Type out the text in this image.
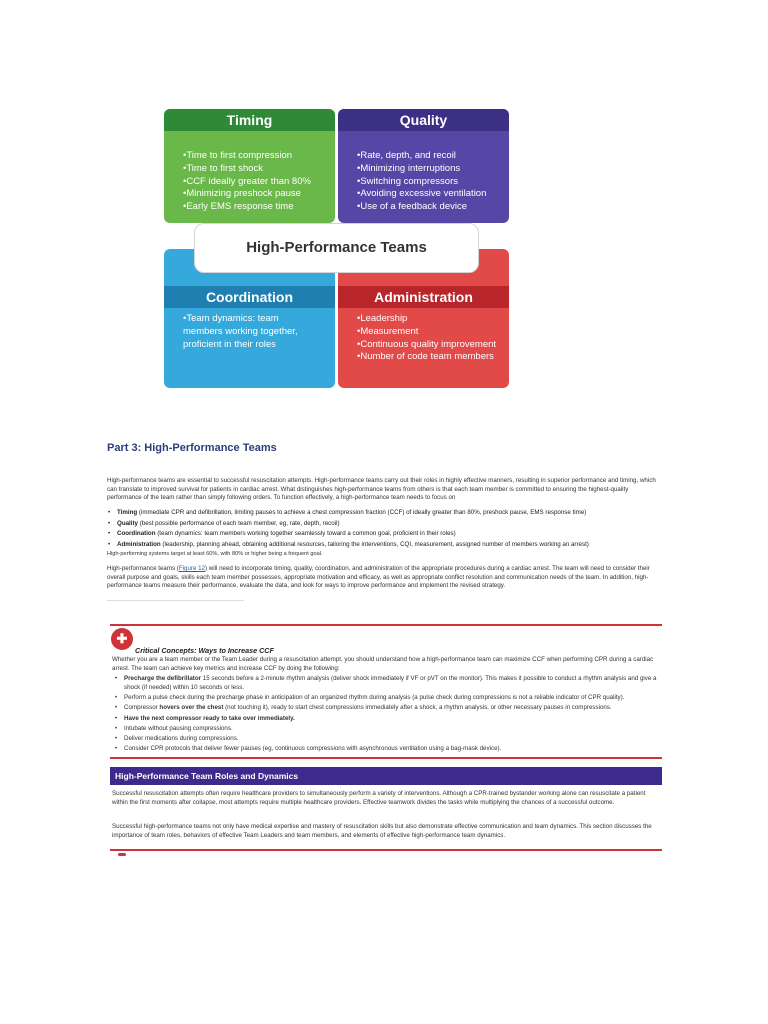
Timing
• Time to first compression
• Time to first shock
• CCF ideally greater than 80%
• Minimizing preshock pause
• Early EMS response time
Quality
• Rate, depth, and recoil
• Minimizing interruptions
• Switching compressors
• Avoiding excessive ventilation
• Use of a feedback device
Coordination
• Team dynamics: team members working together, proficient in their roles
Administration
• Leadership
• Measurement
• Continuous quality improvement
• Number of code team members
High-Performance Teams
Part 3: High-Performance Teams
High-performance teams are essential to successful resuscitation attempts. High-performance teams carry out their roles in highly effective manners, resulting in superior performance and timing, which can translate to improved survival for patients in cardiac arrest. What distinguishes high-performance teams from others is that each team member is committed to ensuring the highest-quality performance of the team rather than simply following orders. To function effectively, a high-performance team needs to focus on
• Timing (immediate CPR and defibrillation, limiting pauses to achieve a chest compression fraction (CCF) of ideally greater than 80%, preshock pause, EMS response time)
• Quality (best possible performance of each team member, eg, rate, depth, recoil)
• Coordination (team dynamics: team members working together seamlessly toward a common goal, proficient in their roles)
• Administration (leadership, planning ahead, obtaining additional resources, tailoring the interventions, CQI, measurement, assigned number of members working an arrest)
High-performing systems target at least 60%, with 80% or higher being a frequent goal.
High-performance teams (Figure 12) will need to incorporate timing, quality, coordination, and administration of the appropriate procedures during a cardiac arrest. The team will need to consider their overall purpose and goals, skills each team member possesses, appropriate motivation and efficacy, as well as appropriate conflict resolution and communication needs of the team. In addition, high-performance teams measure their performance, evaluate the data, and look for ways to improve performance and implement the revised strategy.
✚
Critical Concepts: Ways to Increase CCF
Whether you are a team member or the Team Leader during a resuscitation attempt, you should understand how a high-performance team can maximize CCF when performing CPR during a cardiac arrest. The team can achieve key metrics and increase CCF by doing the following:
• Precharge the defibrillator 15 seconds before a 2-minute rhythm analysis (deliver shock immediately if VF or pVT on the monitor). This makes it possible to conduct a rhythm analysis and give a shock (if needed) within 10 seconds or less.
• Perform a pulse check during the precharge phase in anticipation of an organized rhythm during analysis (a pulse check during compressions is not a reliable indicator of CPR quality).
• Compressor hovers over the chest (not touching it), ready to start chest compressions immediately after a shock, a rhythm analysis, or other necessary pauses in compressions.
• Have the next compressor ready to take over immediately.
• Intubate without pausing compressions.
• Deliver medications during compressions.
• Consider CPR protocols that deliver fewer pauses (eg, continuous compressions with asynchronous ventilation using a bag-mask device).
High-Performance Team Roles and Dynamics
Successful resuscitation attempts often require healthcare providers to simultaneously perform a variety of interventions. Although a CPR-trained bystander working alone can resuscitate a patient within the first moments after collapse, most attempts require multiple healthcare providers. Effective teamwork divides the tasks while multiplying the chances of a successful outcome.
Successful high-performance teams not only have medical expertise and mastery of resuscitation skills but also demonstrate effective communication and team dynamics. This section discusses the importance of team roles, behaviors of effective Team Leaders and team members, and elements of effective high-performance team dynamics.
